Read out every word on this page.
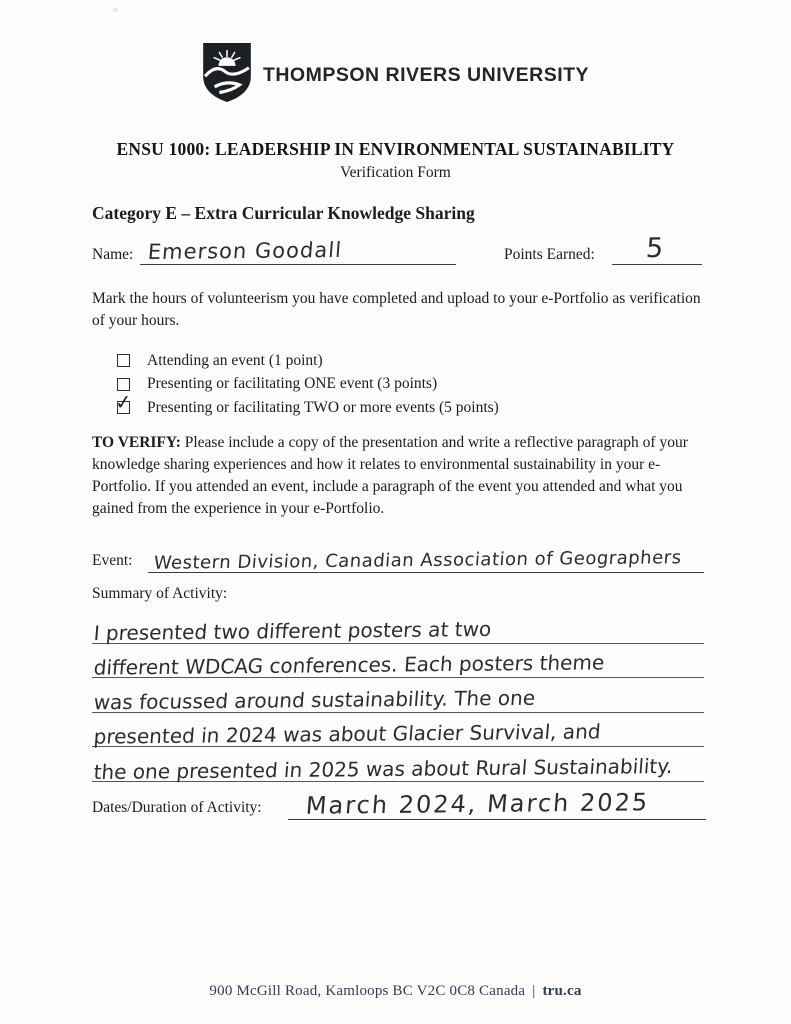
THOMPSON RIVERS UNIVERSITY
ENSU 1000: LEADERSHIP IN ENVIRONMENTAL SUSTAINABILITY
Verification Form
Category E – Extra Curricular Knowledge Sharing
Name: Emerson Goodall	Points Earned: 5
Mark the hours of volunteerism you have completed and upload to your e-Portfolio as verification of your hours.
Attending an event (1 point)
Presenting or facilitating ONE event (3 points)
✓ Presenting or facilitating TWO or more events (5 points)
TO VERIFY: Please include a copy of the presentation and write a reflective paragraph of your knowledge sharing experiences and how it relates to environmental sustainability in your e-Portfolio. If you attended an event, include a paragraph of the event you attended and what you gained from the experience in your e-Portfolio.
Event: Western Division, Canadian Association of Geographers
Summary of Activity:
I presented two different posters at two
different WDCAG conferences. Each posters theme
was focussed around sustainability. The one
presented in 2024 was about Glacier Survival, and
the one presented in 2025 was about Rural Sustainability.
Dates/Duration of Activity: March 2024, March 2025
900 McGill Road, Kamloops BC V2C 0C8 Canada | tru.ca
